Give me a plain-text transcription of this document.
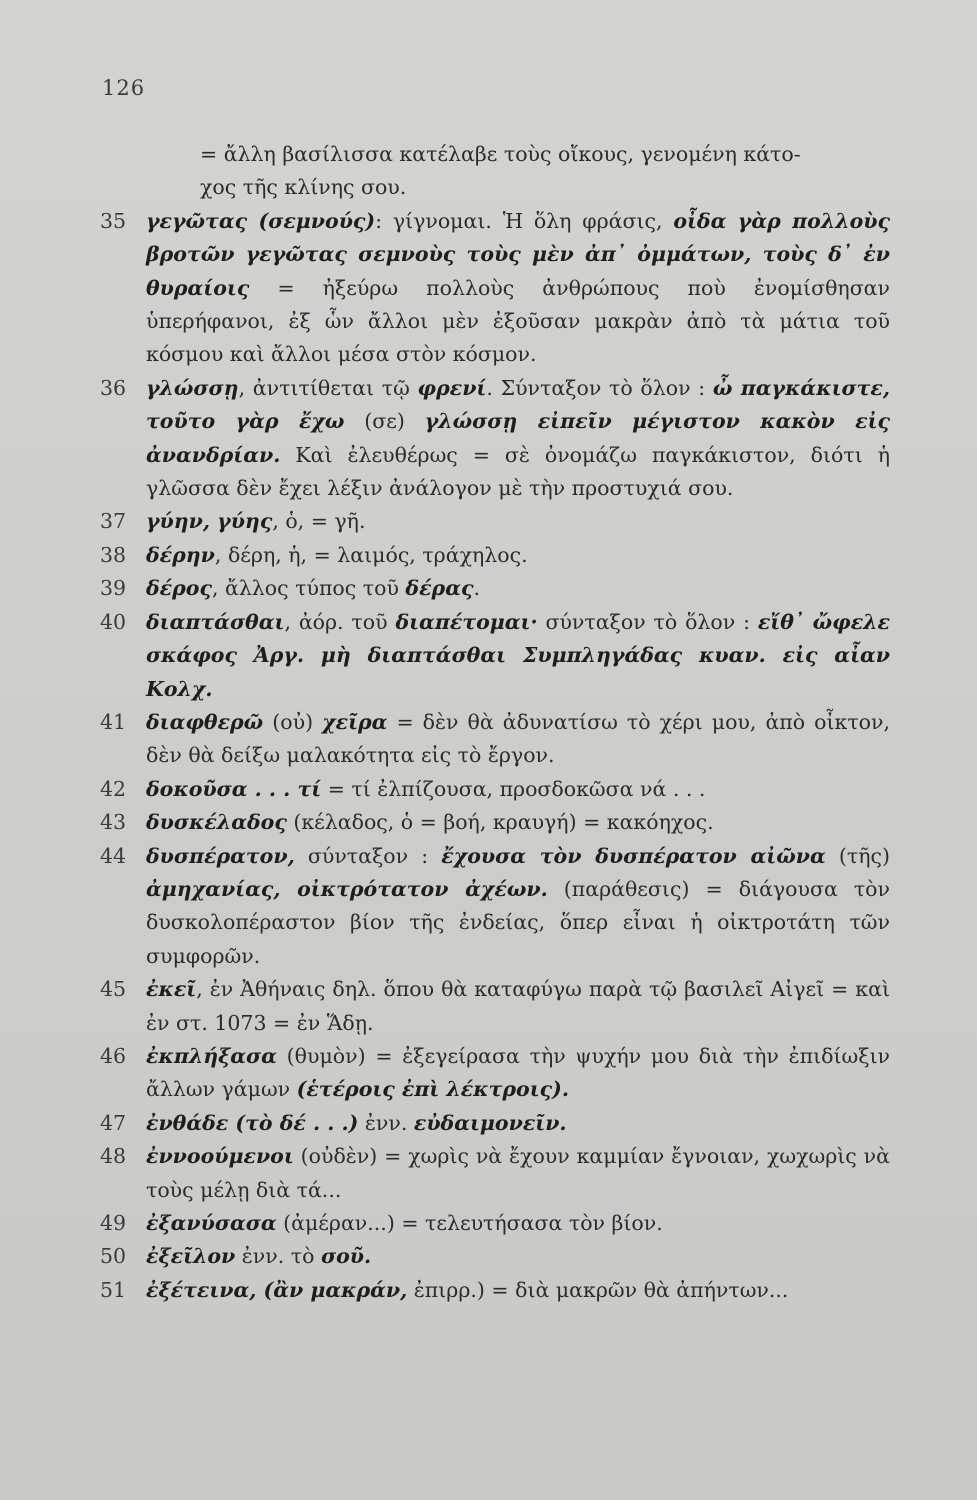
126
= ἄλλη βασίλισσα κατέλαβε τοὺς οἴκους, γενομένη κάτο-
χος τῆς κλίνης σου.
35 γεγῶτας (σεμνούς): γίγνομαι. Ἡ ὅλη φράσις, οἶδα γὰρ πολλοὺς βροτῶν γεγῶτας σεμνοὺς τοὺς μὲν ἀπ᾽ ὀμμάτων, τοὺς δ᾽ ἐν θυραίοις = ἠξεύρω πολλοὺς ἀνθρώπους ποὺ ἐνομίσθησαν ὑπερήφανοι, ἐξ ὧν ἄλλοι μὲν ἐξοῦσαν μακρὰν ἀπὸ τὰ μάτια τοῦ κόσμου καὶ ἄλλοι μέσα στὸν κόσμον.
36 γλώσσῃ, ἀντιτίθεται τῷ φρενί. Σύνταξον τὸ ὅλον : ὦ παγκάκιστε, τοῦτο γὰρ ἔχω (σε) γλώσσῃ εἰπεῖν μέγιστον κακὸν εἰς ἀνανδρίαν. Καὶ ἐλευθέρως = σὲ ὀνομάζω παγκάκιστον, διότι ἡ γλῶσσα δὲν ἔχει λέξιν ἀνάλογον μὲ τὴν προστυχιά σου.
37 γύην, γύης, ὁ, = γῆ.
38 δέρην, δέρη, ἡ, = λαιμός, τράχηλος.
39 δέρος, ἄλλος τύπος τοῦ δέρας.
40 διαπτάσθαι, ἀόρ. τοῦ διαπέτομαι· σύνταξον τὸ ὅλον : εἴθ᾽ ὤφελε σκάφος Ἀργ. μὴ διαπτάσθαι Συμπληγάδας κυαν. εἰς αἶαν Κολχ.
41 διαφθερῶ (οὐ) χεῖρα = δὲν θὰ ἀδυνατίσω τὸ χέρι μου, ἀπὸ οἶκτον, δὲν θὰ δείξω μαλακότητα εἰς τὸ ἔργον.
42 δοκοῦσα . . . τί = τί ἐλπίζουσα, προσδοκῶσα νά . . .
43 δυσκέλαδος (κέλαδος, ὁ = βοή, κραυγή) = κακόηχος.
44 δυσπέρατον, σύνταξον : ἔχουσα τὸν δυσπέρατον αἰῶνα (τῆς) ἀμηχανίας, οἰκτρότατον ἀχέων. (παράθεσις) = διάγουσα τὸν δυσκολοπέραστον βίον τῆς ἐνδείας, ὅπερ εἶναι ἡ οἰκτροτάτη τῶν συμφορῶν.
45 ἐκεῖ, ἐν Ἀθήναις δηλ. ὅπου θὰ καταφύγω παρὰ τῷ βασιλεῖ Αἰγεῖ = καὶ ἐν στ. 1073 = ἐν Ἅδῃ.
46 ἐκπλήξασα (θυμὸν) = ἐξεγείρασα τὴν ψυχήν μου διὰ τὴν ἐπιδίωξιν ἄλλων γάμων (ἑτέροις ἐπὶ λέκτροις).
47 ἐνθάδε (τὸ δέ . . .) ἐνν. εὐδαιμονεῖν.
48 ἐννοούμενοι (οὐδὲν) = χωρὶς νὰ ἔχουν καμμίαν ἔγνοιαν, χωχωρὶς νὰ τοὺς μέλῃ διὰ τά...
49 ἐξανύσασα (ἀμέραν...) = τελευτήσασα τὸν βίον.
50 ἐξεῖλον ἐνν. τὸ σοῦ.
51 ἐξέτεινα, (ἂν μακράν, ἐπιρρ.) = διὰ μακρῶν θὰ ἀπήντων...
